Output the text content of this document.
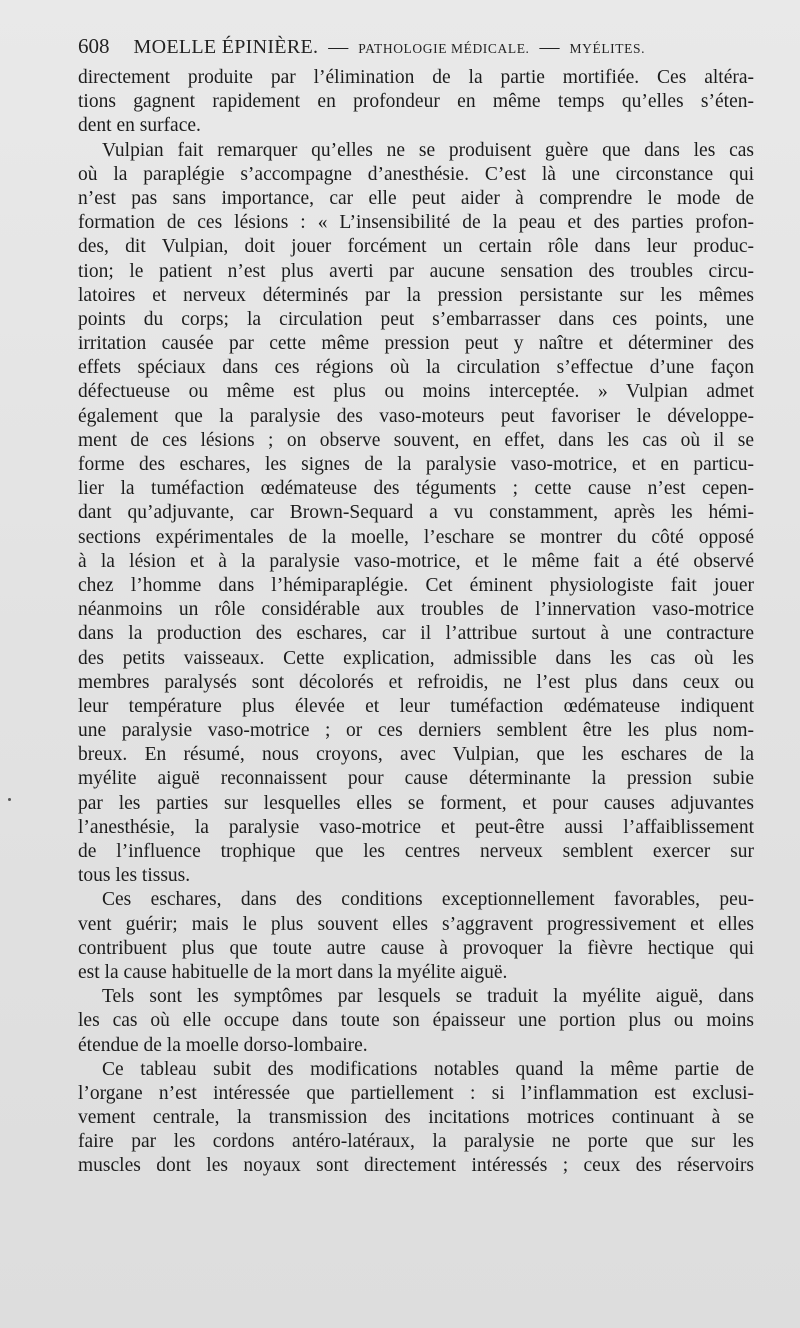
608 MOELLE ÉPINIÈRE. — PATHOLOGIE MÉDICALE. — MYÉLITES.
directement produite par l’élimination de la partie mortifiée. Ces altéra-
tions gagnent rapidement en profondeur en même temps qu’elles s’éten-
dent en surface.
Vulpian fait remarquer qu’elles ne se produisent guère que dans les cas
où la paraplégie s’accompagne d’anesthésie. C’est là une circonstance qui
n’est pas sans importance, car elle peut aider à comprendre le mode de
formation de ces lésions : « L’insensibilité de la peau et des parties profon-
des, dit Vulpian, doit jouer forcément un certain rôle dans leur produc-
tion; le patient n’est plus averti par aucune sensation des troubles circu-
latoires et nerveux déterminés par la pression persistante sur les mêmes
points du corps; la circulation peut s’embarrasser dans ces points, une
irritation causée par cette même pression peut y naître et déterminer des
effets spéciaux dans ces régions où la circulation s’effectue d’une façon
défectueuse ou même est plus ou moins interceptée. » Vulpian admet
également que la paralysie des vaso-moteurs peut favoriser le développe-
ment de ces lésions ; on observe souvent, en effet, dans les cas où il se
forme des eschares, les signes de la paralysie vaso-motrice, et en particu-
lier la tuméfaction œdémateuse des téguments ; cette cause n’est cepen-
dant qu’adjuvante, car Brown-Sequard a vu constamment, après les hémi-
sections expérimentales de la moelle, l’eschare se montrer du côté opposé
à la lésion et à la paralysie vaso-motrice, et le même fait a été observé
chez l’homme dans l’hémiparaplégie. Cet éminent physiologiste fait jouer
néanmoins un rôle considérable aux troubles de l’innervation vaso-motrice
dans la production des eschares, car il l’attribue surtout à une contracture
des petits vaisseaux. Cette explication, admissible dans les cas où les
membres paralysés sont décolorés et refroidis, ne l’est plus dans ceux ou
leur température plus élevée et leur tuméfaction œdémateuse indiquent
une paralysie vaso-motrice ; or ces derniers semblent être les plus nom-
breux. En résumé, nous croyons, avec Vulpian, que les eschares de la
myélite aiguë reconnaissent pour cause déterminante la pression subie
par les parties sur lesquelles elles se forment, et pour causes adjuvantes
l’anesthésie, la paralysie vaso-motrice et peut-être aussi l’affaiblissement
de l’influence trophique que les centres nerveux semblent exercer sur
tous les tissus.
Ces eschares, dans des conditions exceptionnellement favorables, peu-
vent guérir; mais le plus souvent elles s’aggravent progressivement et elles
contribuent plus que toute autre cause à provoquer la fièvre hectique qui
est la cause habituelle de la mort dans la myélite aiguë.
Tels sont les symptômes par lesquels se traduit la myélite aiguë, dans
les cas où elle occupe dans toute son épaisseur une portion plus ou moins
étendue de la moelle dorso-lombaire.
Ce tableau subit des modifications notables quand la même partie de
l’organe n’est intéressée que partiellement : si l’inflammation est exclusi-
vement centrale, la transmission des incitations motrices continuant à se
faire par les cordons antéro-latéraux, la paralysie ne porte que sur les
muscles dont les noyaux sont directement intéressés ; ceux des réservoirs
